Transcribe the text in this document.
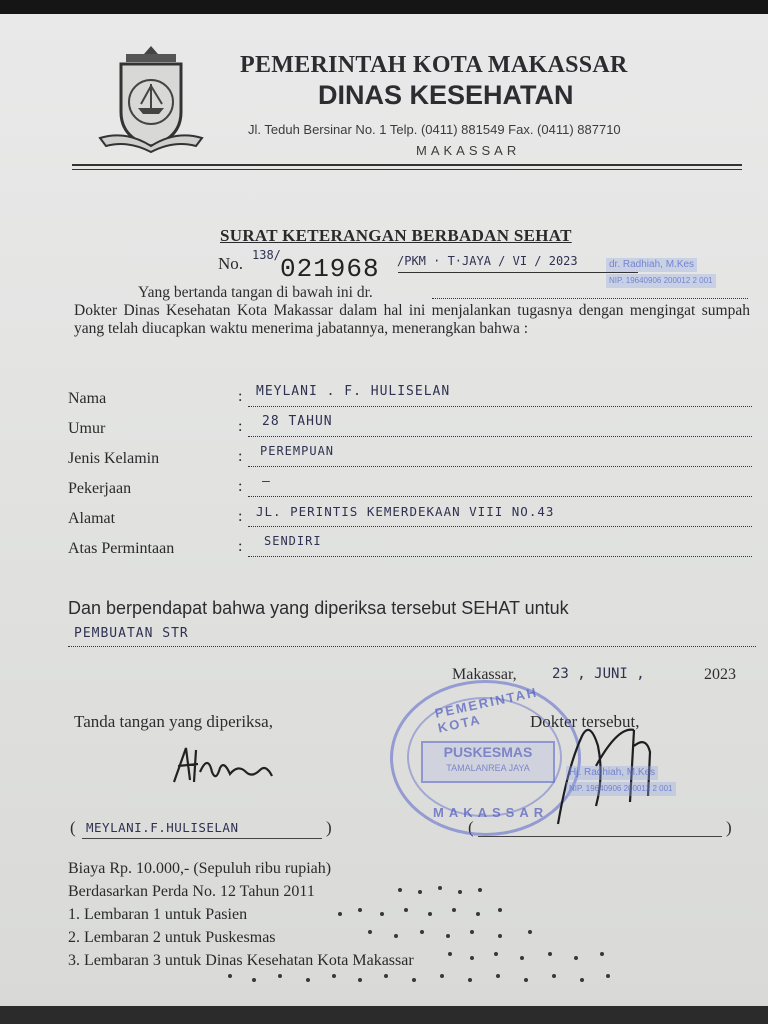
PEMERINTAH KOTA MAKASSAR
DINAS KESEHATAN
Jl. Teduh Bersinar No. 1 Telp. (0411) 881549 Fax. (0411) 887710
MAKASSAR
SURAT KETERANGAN BERBADAN SEHAT
No. 138/ 021968 /PKM · T·JAYA / VI / 2023	dr. Radhiah, M.Kes
NIP. 19640906 200012 2 001
Yang bertanda tangan di bawah ini dr.
Dokter Dinas Kesehatan Kota Makassar dalam hal ini menjalankan tugasnya dengan mengingat sumpah yang telah diucapkan waktu menerima jabatannya, menerangkan bahwa :
Nama	: MEYLANI . F. HULISELAN
Umur	: 28 TAHUN
Jenis Kelamin	: PEREMPUAN
Pekerjaan	: –
Alamat	: JL. PERINTIS KEMERDEKAAN VIII NO.43
Atas Permintaan	: SENDIRI
Dan berpendapat bahwa yang diperiksa tersebut SEHAT untuk
PEMBUATAN STR
Makassar,	23 , JUNI ,	2023
Tanda tangan yang diperiksa,	Dokter tersebut,
( MEYLANI.F.HULISELAN	)	(	)
PEMERINTAH KOTA
PUSKESMAS
TAMALANREA JAYA
MAKASSAR
Hj. Radhiah, M.Kes
NIP. 19640906 200012 2 001
Biaya Rp. 10.000,- (Sepuluh ribu rupiah)
Berdasarkan Perda No. 12 Tahun 2011
1. Lembaran 1 untuk Pasien
2. Lembaran 2 untuk Puskesmas
3. Lembaran 3 untuk Dinas Kesehatan Kota Makassar
